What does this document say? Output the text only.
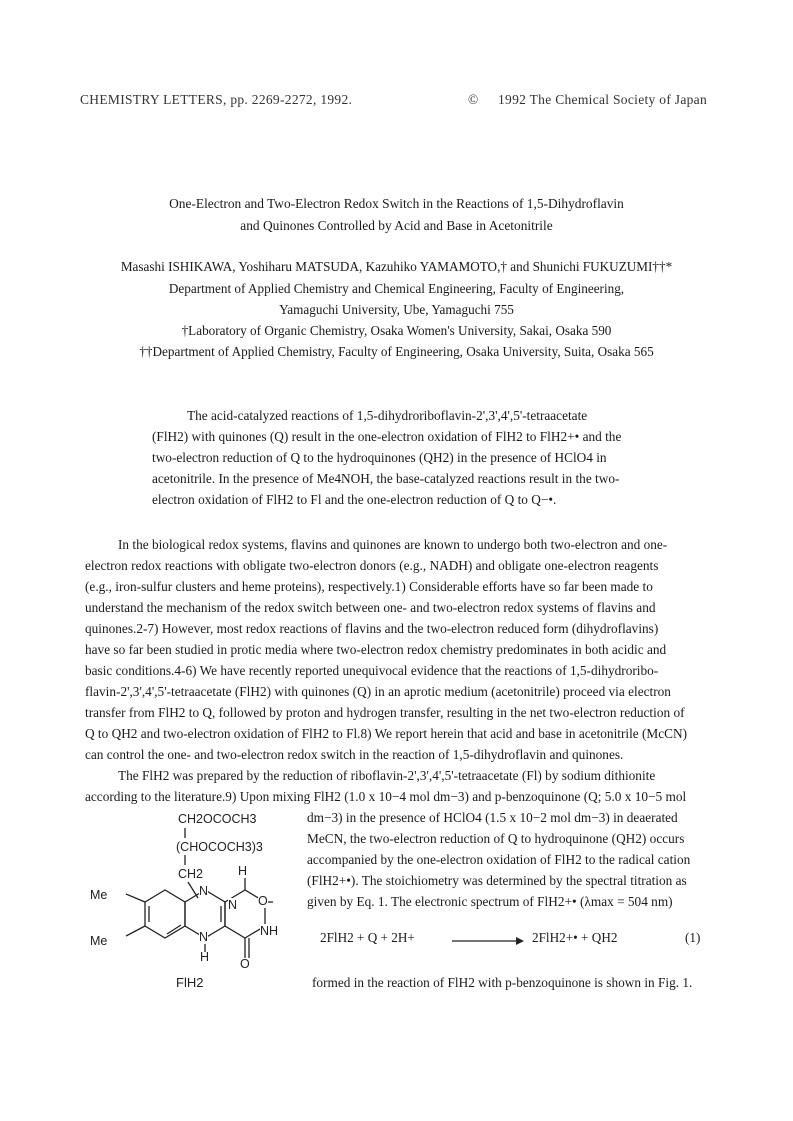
CHEMISTRY LETTERS, pp. 2269-2272, 1992.	© 1992 The Chemical Society of Japan
One-Electron and Two-Electron Redox Switch in the Reactions of 1,5-Dihydroflavin
and Quinones Controlled by Acid and Base in Acetonitrile
Masashi ISHIKAWA, Yoshiharu MATSUDA, Kazuhiko YAMAMOTO,† and Shunichi FUKUZUMI††*
Department of Applied Chemistry and Chemical Engineering, Faculty of Engineering,
Yamaguchi University, Ube, Yamaguchi 755
†Laboratory of Organic Chemistry, Osaka Women's University, Sakai, Osaka 590
††Department of Applied Chemistry, Faculty of Engineering, Osaka University, Suita, Osaka 565
The acid-catalyzed reactions of 1,5-dihydroriboflavin-2',3',4',5'-tetraacetate
(FlH2) with quinones (Q) result in the one-electron oxidation of FlH2 to FlH2+• and the
two-electron reduction of Q to the hydroquinones (QH2) in the presence of HClO4 in
acetonitrile. In the presence of Me4NOH, the base-catalyzed reactions result in the two-
electron oxidation of FlH2 to Fl and the one-electron reduction of Q to Q−•.
In the biological redox systems, flavins and quinones are known to undergo both two-electron and one-
electron redox reactions with obligate two-electron donors (e.g., NADH) and obligate one-electron reagents
(e.g., iron-sulfur clusters and heme proteins), respectively.1) Considerable efforts have so far been made to
understand the mechanism of the redox switch between one- and two-electron redox systems of flavins and
quinones.2-7) However, most redox reactions of flavins and the two-electron reduced form (dihydroflavins)
have so far been studied in protic media where two-electron redox chemistry predominates in both acidic and
basic conditions.4-6) We have recently reported unequivocal evidence that the reactions of 1,5-dihydroribo-
flavin-2',3',4',5'-tetraacetate (FlH2) with quinones (Q) in an aprotic medium (acetonitrile) proceed via electron
transfer from FlH2 to Q, followed by proton and hydrogen transfer, resulting in the net two-electron reduction of
Q to QH2 and two-electron oxidation of FlH2 to Fl.8) We report herein that acid and base in acetonitrile (McCN)
can control the one- and two-electron redox switch in the reaction of 1,5-dihydroflavin and quinones.
The FlH2 was prepared by the reduction of riboflavin-2',3',4',5'-tetraacetate (Fl) by sodium dithionite
according to the literature.9) Upon mixing FlH2 (1.0 x 10−4 mol dm−3) and p-benzoquinone (Q; 5.0 x 10−5 mol
dm−3) in the presence of HClO4 (1.5 x 10−2 mol dm−3) in deaerated
MeCN, the two-electron reduction of Q to hydroquinone (QH2) occurs
accompanied by the one-electron oxidation of FlH2 to the radical cation
(FlH2+•). The stoichiometry was determined by the spectral titration as
given by Eq. 1. The electronic spectrum of FlH2+• (λmax = 504 nm)
2FlH2 + Q + 2H+	2FlH2+• + QH2	(1)
formed in the reaction of FlH2 with p-benzoquinone is shown in Fig. 1.
CH2OCOCH3
(CHOCOCH3)3
CH2	H
N
N O
Me
Me
NH
N
H O
FlH2
